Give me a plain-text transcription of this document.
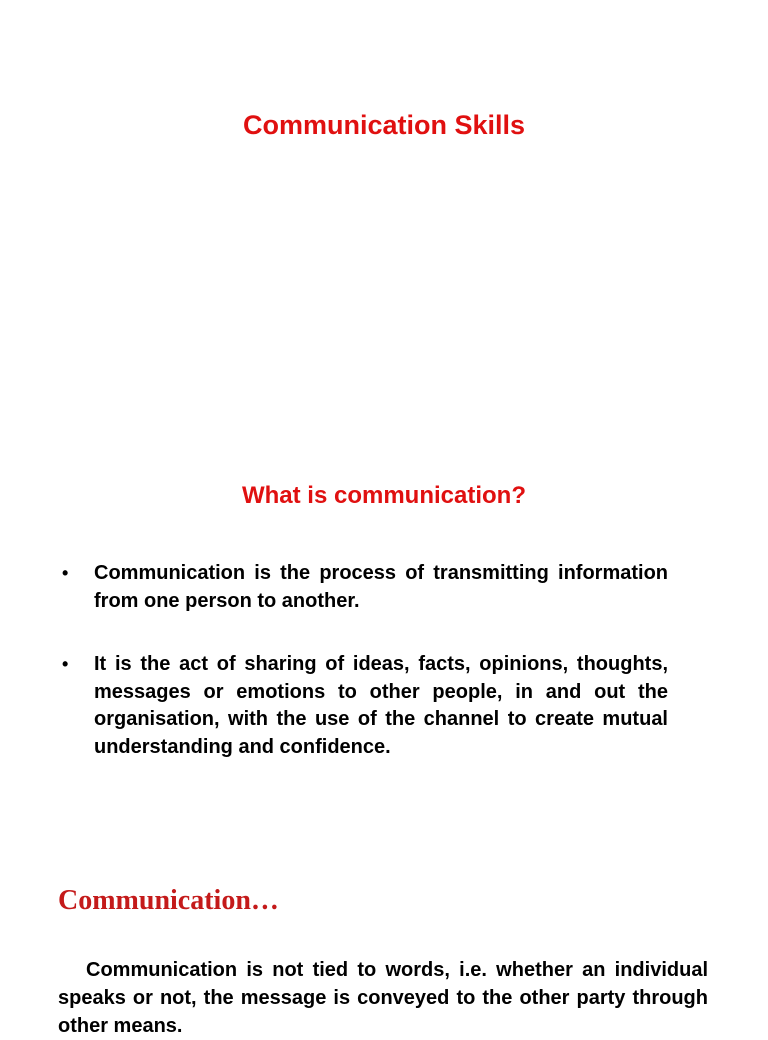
Communication Skills
What is communication?
• Communication is the process of transmitting information from one person to another.
• It is the act of sharing of ideas, facts, opinions, thoughts, messages or emotions to other people, in and out the organisation, with the use of the channel to create mutual understanding and confidence.
Communication…

Communication is not tied to words, i.e. whether an individual speaks or not, the message is conveyed to the other party through other means.
